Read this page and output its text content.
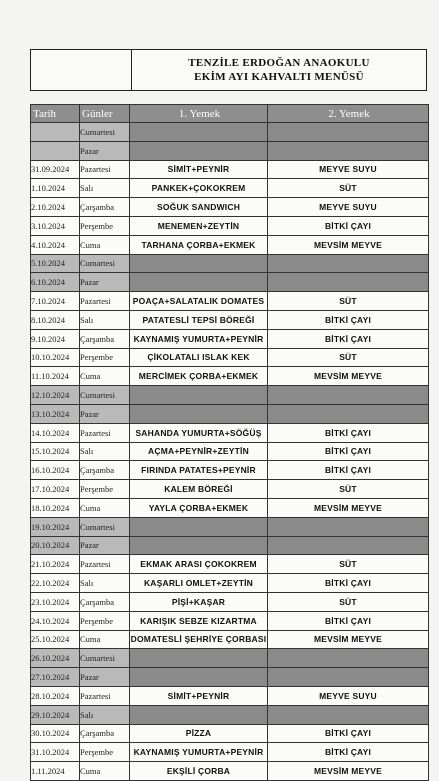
TENZİLE ERDOĞAN ANAOKULU
EKİM AYI KAHVALTI MENÜSÜ
Tarih	Günler	1. Yemek	2. Yemek
	Cumartesi	

	Pazar	

31.09.2024	Pazartesi	SİMİT+PEYNİR	MEYVE SUYU

1.10.2024	Salı	PANKEK+ÇOKOKREM	SÜT

2.10.2024	Çarşamba	SOĞUK SANDWICH	MEYVE SUYU

3.10.2024	Perşembe	MENEMEN+ZEYTİN	BİTKİ ÇAYI

4.10.2024	Cuma	TARHANA ÇORBA+EKMEK	MEVSİM MEYVE

5.10.2024	Cumartesi	

6.10.2024	Pazar	

7.10.2024	Pazartesi	POAÇA+SALATALIK DOMATES	SÜT

8.10.2024	Salı	PATATESLİ TEPSİ BÖREĞİ	BİTKİ ÇAYI

9.10.2024	Çarşamba	KAYNAMIŞ YUMURTA+PEYNİR	BİTKİ ÇAYI

10.10.2024	Perşembe	ÇİKOLATALI ISLAK KEK	SÜT

11.10.2024	Cuma	MERCİMEK ÇORBA+EKMEK	MEVSİM MEYVE

12.10.2024	Cumartesi	

13.10.2024	Pazar	

14.10.2024	Pazartesi	SAHANDA YUMURTA+SÖĞÜŞ	BİTKİ ÇAYI

15.10.2024	Salı	AÇMA+PEYNİR+ZEYTİN	BİTKİ ÇAYI

16.10.2024	Çarşamba	FIRINDA PATATES+PEYNİR	BİTKİ ÇAYI

17.10.2024	Perşembe	KALEM BÖREĞİ	SÜT

18.10.2024	Cuma	YAYLA ÇORBA+EKMEK	MEVSİM MEYVE

19.10.2024	Cumartesi	

20.10.2024	Pazar	

21.10.2024	Pazartesi	EKMAK ARASI ÇOKOKREM	SÜT

22.10.2024	Salı	KAŞARLI OMLET+ZEYTİN	BİTKİ ÇAYI

23.10.2024	Çarşamba	PİŞİ+KAŞAR	SÜT

24.10.2024	Perşembe	KARIŞIK SEBZE KIZARTMA	BİTKİ ÇAYI

25.10.2024	Cuma	DOMATESLİ ŞEHRİYE ÇORBASI	MEVSİM MEYVE

26.10.2024	Cumartesi	

27.10.2024	Pazar	

28.10.2024	Pazartesi	SİMİT+PEYNİR	MEYVE SUYU

29.10.2024	Salı	

30.10.2024	Çarşamba	PİZZA	BİTKİ ÇAYI

31.10.2024	Perşembe	KAYNAMIŞ YUMURTA+PEYNİR	BİTKİ ÇAYI

1.11.2024	Cuma	EKŞİLİ ÇORBA	MEVSİM MEYVE
